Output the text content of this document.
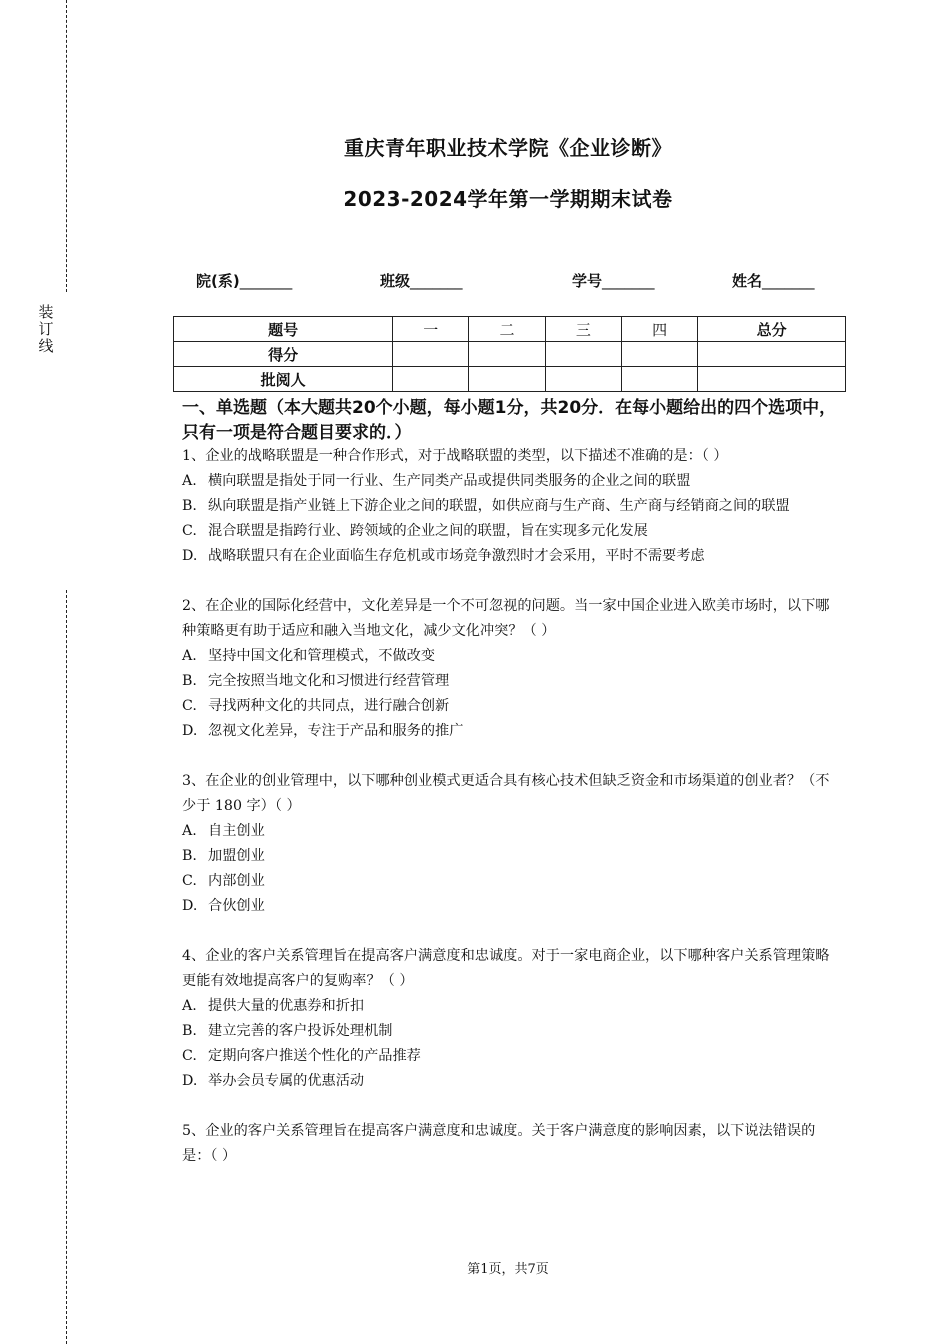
装订线
重庆青年职业技术学院《企业诊断》
2023-2024学年第一学期期末试卷
院(系)_______	班级_______	学号_______	姓名_______
题号	一	二	三	四	总分
得分					
批阅人					
一、单选题（本大题共20个小题，每小题1分，共20分．在每小题给出的四个选项中，只有一项是符合题目要求的．）

1、企业的战略联盟是一种合作形式，对于战略联盟的类型，以下描述不准确的是：（ ）

A. 横向联盟是指处于同一行业、生产同类产品或提供同类服务的企业之间的联盟

B. 纵向联盟是指产业链上下游企业之间的联盟，如供应商与生产商、生产商与经销商之间的联盟

C. 混合联盟是指跨行业、跨领域的企业之间的联盟，旨在实现多元化发展

D. 战略联盟只有在企业面临生存危机或市场竞争激烈时才会采用，平时不需要考虑

2、在企业的国际化经营中，文化差异是一个不可忽视的问题。当一家中国企业进入欧美市场时，以下哪种策略更有助于适应和融入当地文化，减少文化冲突？（ ）

A. 坚持中国文化和管理模式，不做改变

B. 完全按照当地文化和习惯进行经营管理

C. 寻找两种文化的共同点，进行融合创新

D. 忽视文化差异，专注于产品和服务的推广

3、在企业的创业管理中，以下哪种创业模式更适合具有核心技术但缺乏资金和市场渠道的创业者？（不少于 180 字）（ ）

A. 自主创业

B. 加盟创业

C. 内部创业

D. 合伙创业

4、企业的客户关系管理旨在提高客户满意度和忠诚度。对于一家电商企业，以下哪种客户关系管理策略更能有效地提高客户的复购率？（ ）

A. 提供大量的优惠券和折扣

B. 建立完善的客户投诉处理机制

C. 定期向客户推送个性化的产品推荐

D. 举办会员专属的优惠活动

5、企业的客户关系管理旨在提高客户满意度和忠诚度。关于客户满意度的影响因素，以下说法错误的是：（ ）

第1页，共7页
